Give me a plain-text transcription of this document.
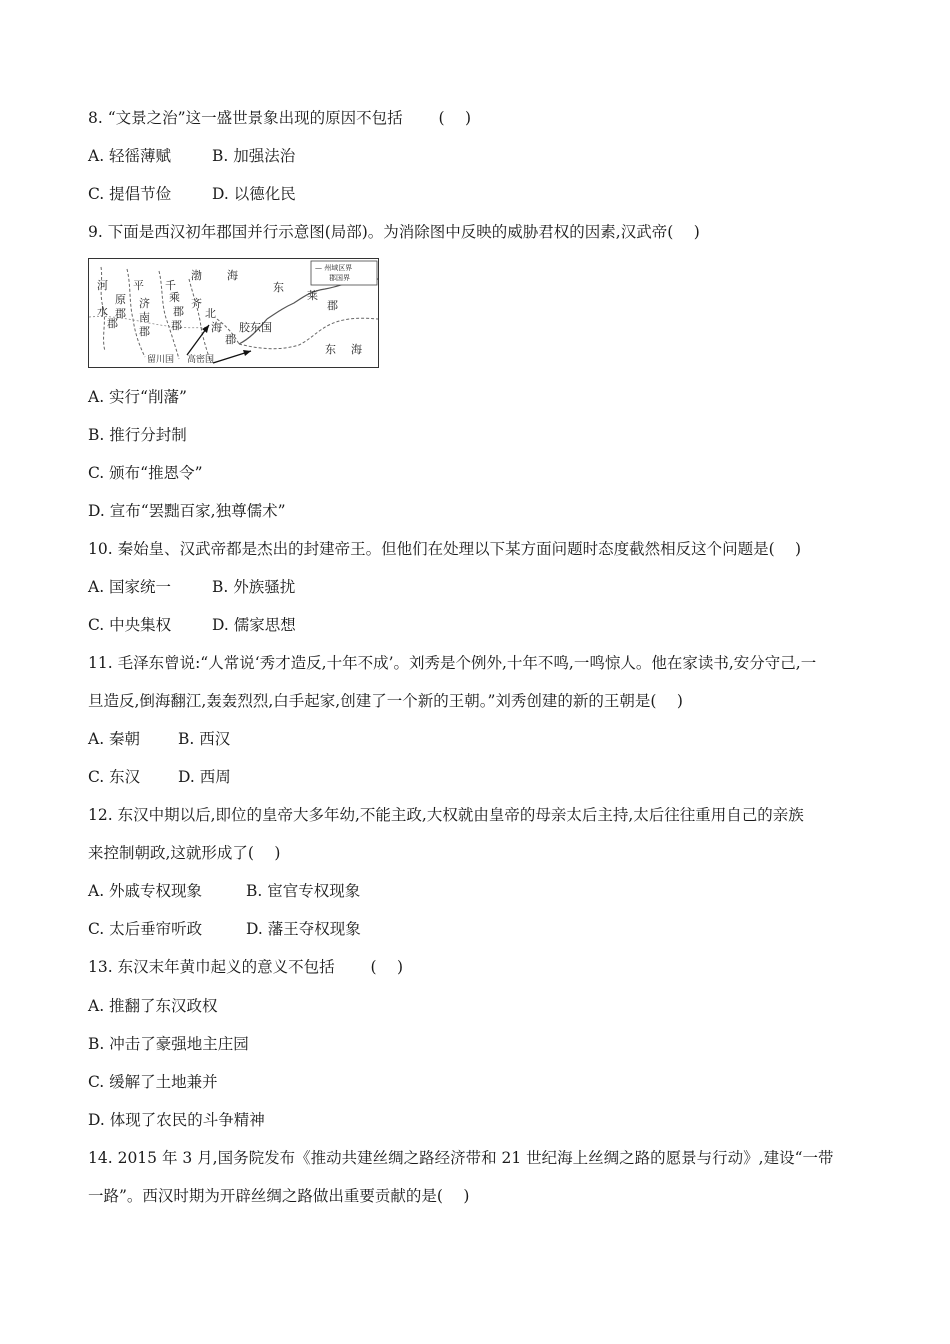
8. “文景之治”这一盛世景象出现的原因不包括　 　(　 )
A. 轻徭薄赋	B. 加强法治
C. 提倡节俭	D. 以德化民
9. 下面是西汉初年郡国并行示意图(局部)。为消除图中反映的威胁君权的因素,汉武帝(　 )
— 州域区界
郡国界
河
水
郡
平
原
郡
千
乘
郡
济
南
郡 郡
齐
北
海
郡
渤 海
东
莱
郡
胶东国
留川国 高密国
东 海
A. 实行“削藩”
B. 推行分封制
C. 颁布“推恩令”
D. 宣布“罢黜百家,独尊儒术”
10. 秦始皇、汉武帝都是杰出的封建帝王。但他们在处理以下某方面问题时态度截然相反这个问题是(　 )
A. 国家统一	B. 外族骚扰
C. 中央集权	D. 儒家思想
11. 毛泽东曾说:“人常说‘秀才造反,十年不成’。刘秀是个例外,十年不鸣,一鸣惊人。他在家读书,安分守己,一
旦造反,倒海翻江,轰轰烈烈,白手起家,创建了一个新的王朝。”刘秀创建的新的王朝是(　 )
A. 秦朝 B. 西汉
C. 东汉 D. 西周
12. 东汉中期以后,即位的皇帝大多年幼,不能主政,大权就由皇帝的母亲太后主持,太后往往重用自己的亲族
来控制朝政,这就形成了(　 )
A. 外戚专权现象	B. 宦官专权现象
C. 太后垂帘听政	D. 藩王夺权现象
13. 东汉末年黄巾起义的意义不包括　 　(　 )
A. 推翻了东汉政权
B. 冲击了豪强地主庄园
C. 缓解了土地兼并
D. 体现了农民的斗争精神
14. 2015 年 3 月,国务院发布《推动共建丝绸之路经济带和 21 世纪海上丝绸之路的愿景与行动》,建设“一带
一路”。西汉时期为开辟丝绸之路做出重要贡献的是(　 )
